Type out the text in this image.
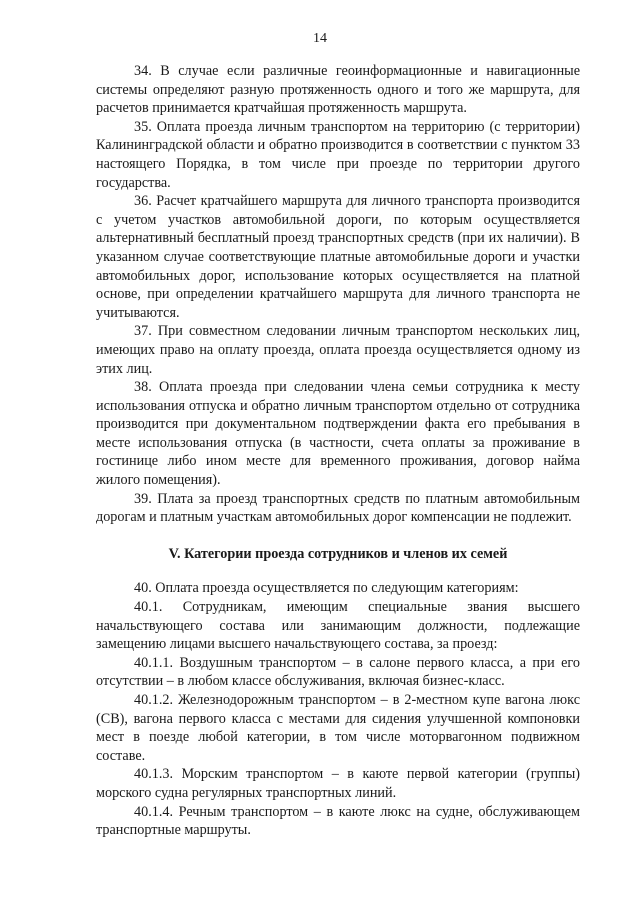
14

34. В случае если различные геоинформационные и навигационные системы определяют разную протяженность одного и того же маршрута, для расчетов принимается кратчайшая протяженность маршрута.

35. Оплата проезда личным транспортом на территорию (с территории) Калининградской области и обратно производится в соответствии с пунктом 33 настоящего Порядка, в том числе при проезде по территории другого государства.

36. Расчет кратчайшего маршрута для личного транспорта производится с учетом участков автомобильной дороги, по которым осуществляется альтернативный бесплатный проезд транспортных средств (при их наличии). В указанном случае соответствующие платные автомобильные дороги и участки автомобильных дорог, использование которых осуществляется на платной основе, при определении кратчайшего маршрута для личного транспорта не учитываются.

37. При совместном следовании личным транспортом нескольких лиц, имеющих право на оплату проезда, оплата проезда осуществляется одному из этих лиц.

38. Оплата проезда при следовании члена семьи сотрудника к месту использования отпуска и обратно личным транспортом отдельно от сотрудника производится при документальном подтверждении факта его пребывания в месте использования отпуска (в частности, счета оплаты за проживание в гостинице либо ином месте для временного проживания, договор найма жилого помещения).

39. Плата за проезд транспортных средств по платным автомобильным дорогам и платным участкам автомобильных дорог компенсации не подлежит.

V. Категории проезда сотрудников и членов их семей

40. Оплата проезда осуществляется по следующим категориям:

40.1. Сотрудникам, имеющим специальные звания высшего начальствующего состава или занимающим должности, подлежащие замещению лицами высшего начальствующего состава, за проезд:

40.1.1. Воздушным транспортом – в салоне первого класса, а при его отсутствии – в любом классе обслуживания, включая бизнес-класс.

40.1.2. Железнодорожным транспортом – в 2-местном купе вагона люкс (СВ), вагона первого класса с местами для сидения улучшенной компоновки мест в поезде любой категории, в том числе моторвагонном подвижном составе.

40.1.3. Морским транспортом – в каюте первой категории (группы) морского судна регулярных транспортных линий.

40.1.4. Речным транспортом – в каюте люкс на судне, обслуживающем транспортные маршруты.
